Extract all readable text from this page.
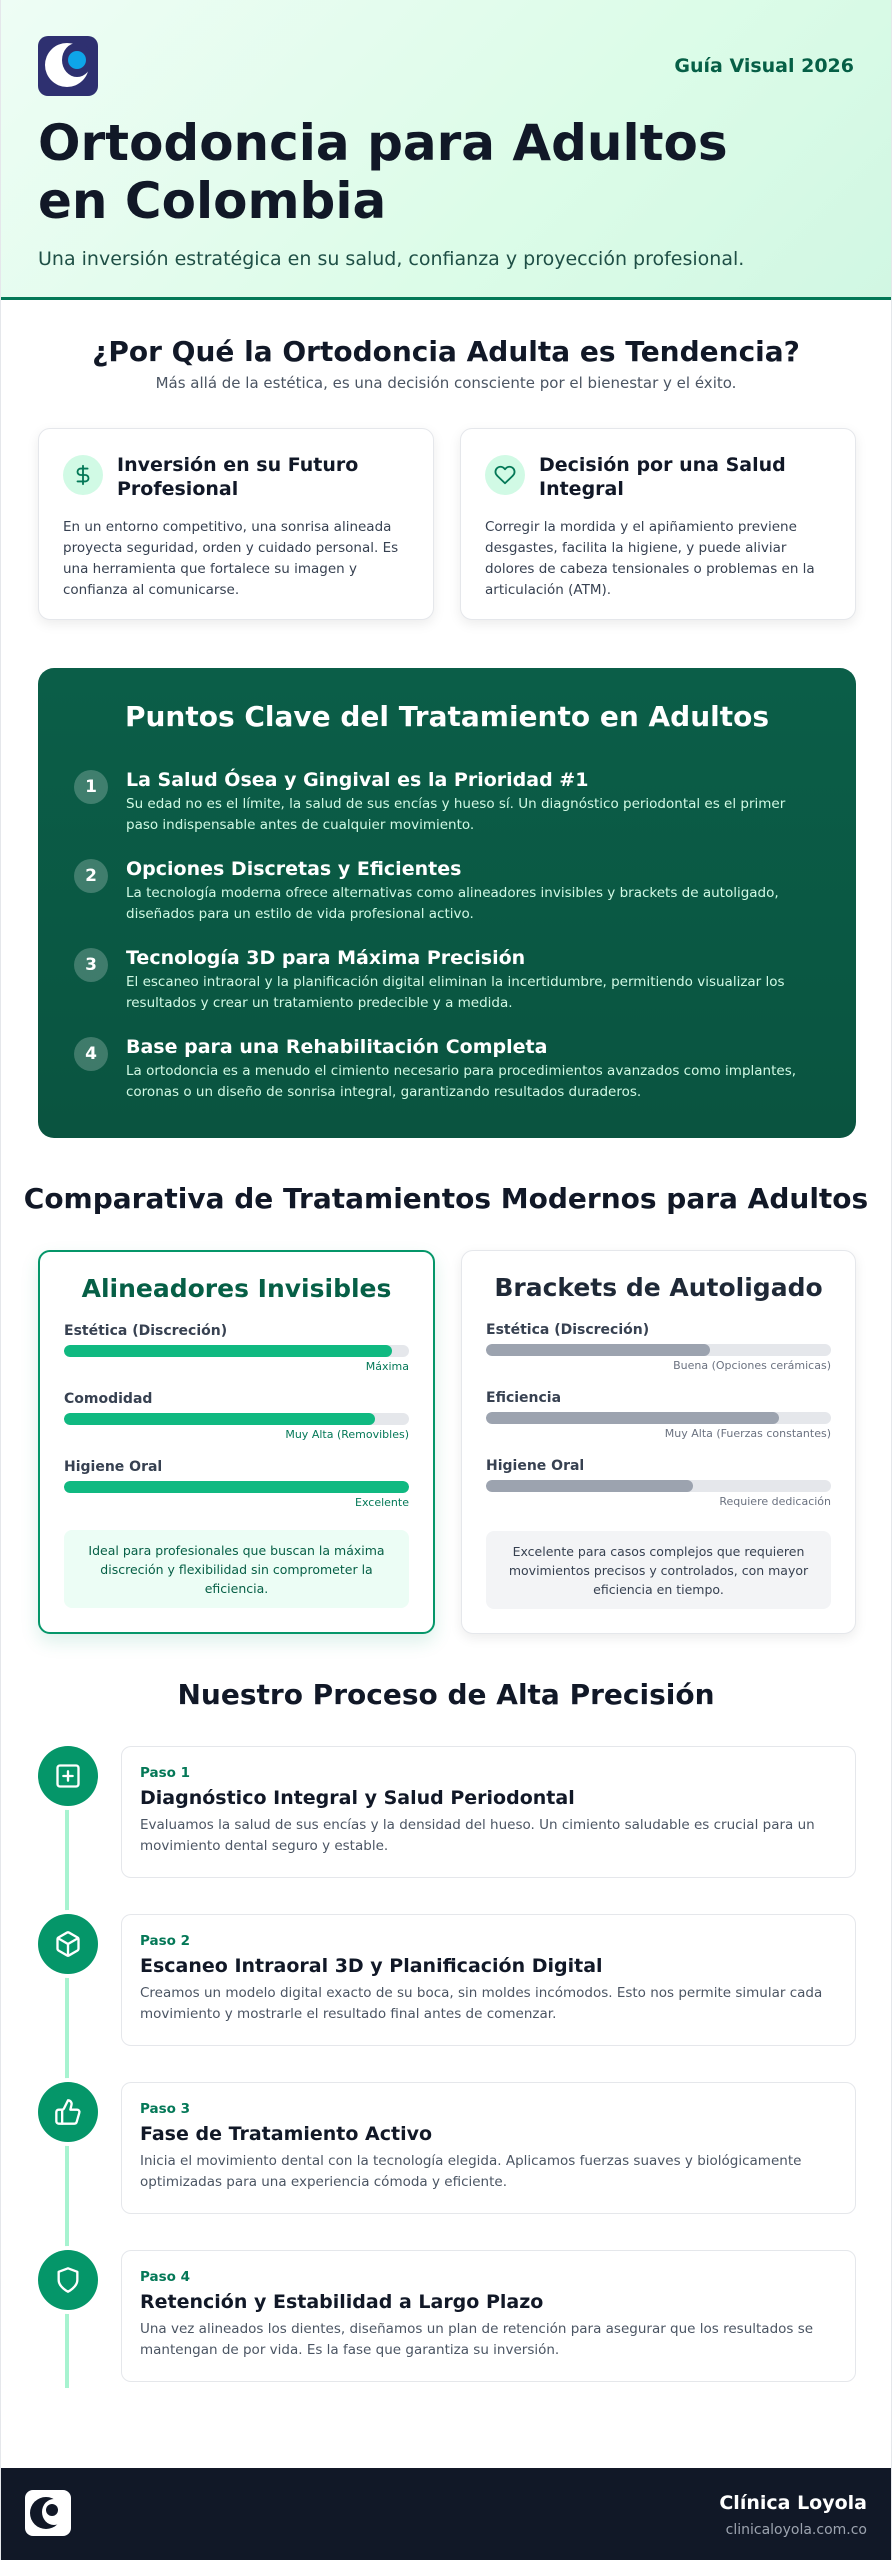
Guía Visual 2026
Ortodoncia para Adultos en Colombia

Una inversión estratégica en su salud, confianza y proyección profesional.

¿Por Qué la Ortodoncia Adulta es Tendencia?

Más allá de la estética, es una decisión consciente por el bienestar y el éxito.

Inversión en su Futuro Profesional

En un entorno competitivo, una sonrisa alineada proyecta seguridad, orden y cuidado personal. Es una herramienta que fortalece su imagen y confianza al comunicarse.

Decisión por una Salud Integral

Corregir la mordida y el apiñamiento previene desgastes, facilita la higiene, y puede aliviar dolores de cabeza tensionales o problemas en la articulación (ATM).

Puntos Clave del Tratamiento en Adultos
1	La Salud Ósea y Gingival es la Prioridad #1

Su edad no es el límite, la salud de sus encías y hueso sí. Un diagnóstico periodontal es el primer paso indispensable antes de cualquier movimiento.

2	Opciones Discretas y Eficientes

La tecnología moderna ofrece alternativas como alineadores invisibles y brackets de autoligado, diseñados para un estilo de vida profesional activo.

3	Tecnología 3D para Máxima Precisión

El escaneo intraoral y la planificación digital eliminan la incertidumbre, permitiendo visualizar los resultados y crear un tratamiento predecible y a medida.

4	Base para una Rehabilitación Completa

La ortodoncia es a menudo el cimiento necesario para procedimientos avanzados como implantes, coronas o un diseño de sonrisa integral, garantizando resultados duraderos.

Comparativa de Tratamientos Modernos para Adultos
Alineadores Invisibles
Estética (Discreción)
Máxima
Comodidad
Muy Alta (Removibles)
Higiene Oral
Excelente
Ideal para profesionales que buscan la máxima discreción y flexibilidad sin comprometer la eficiencia.
Brackets de Autoligado
Estética (Discreción)
Buena (Opciones cerámicas)
Eficiencia
Muy Alta (Fuerzas constantes)
Higiene Oral
Requiere dedicación
Excelente para casos complejos que requieren movimientos precisos y controlados, con mayor eficiencia en tiempo.
Nuestro Proceso de Alta Precisión
Paso 1
Diagnóstico Integral y Salud Periodontal

Evaluamos la salud de sus encías y la densidad del hueso. Un cimiento saludable es crucial para un movimiento dental seguro y estable.

Paso 2
Escaneo Intraoral 3D y Planificación Digital

Creamos un modelo digital exacto de su boca, sin moldes incómodos. Esto nos permite simular cada movimiento y mostrarle el resultado final antes de comenzar.

Paso 3
Fase de Tratamiento Activo

Inicia el movimiento dental con la tecnología elegida. Aplicamos fuerzas suaves y biológicamente optimizadas para una experiencia cómoda y eficiente.

Paso 4
Retención y Estabilidad a Largo Plazo

Una vez alineados los dientes, diseñamos un plan de retención para asegurar que los resultados se mantengan de por vida. Es la fase que garantiza su inversión.

Clínica Loyola
clinicaloyola.com.co
